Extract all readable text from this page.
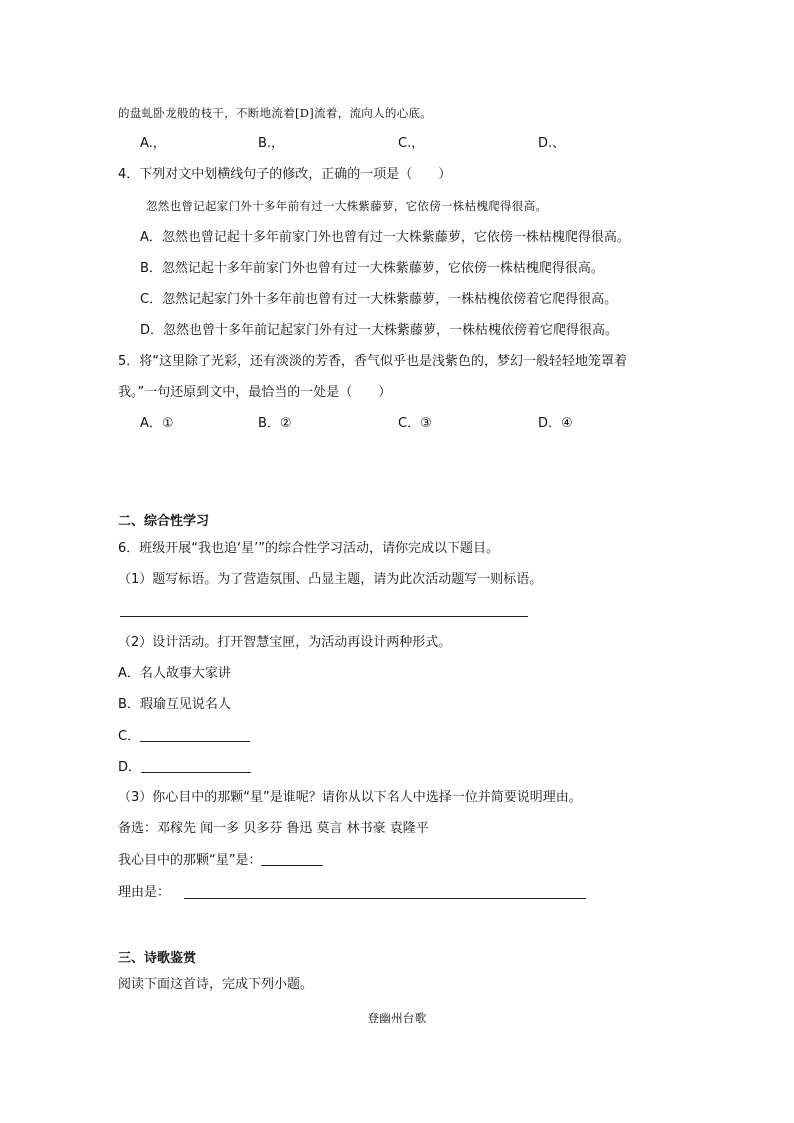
的盘虬卧龙般的枝干，不断地流着[D]流着，流向人的心底。
A.，	B.，	C.，	D.、
4．下列对文中划横线句子的修改，正确的一项是（　　）
忽然也曾记起家门外十多年前有过一大株紫藤萝，它依傍一株枯槐爬得很高。
A．忽然也曾记起十多年前家门外也曾有过一大株紫藤萝，它依傍一株枯槐爬得很高。
B．忽然记起十多年前家门外也曾有过一大株紫藤萝，它依傍一株枯槐爬得很高。
C．忽然记起家门外十多年前也曾有过一大株紫藤萝，一株枯槐依傍着它爬得很高。
D．忽然也曾十多年前记起家门外有过一大株紫藤萝，一株枯槐依傍着它爬得很高。
5．将“这里除了光彩，还有淡淡的芳香，香气似乎也是浅紫色的，梦幻一般轻轻地笼罩着
我。”一句还原到文中，最恰当的一处是（　　）
A．①	B．②	C．③	D．④
二、综合性学习
6．班级开展“我也追‘星’”的综合性学习活动，请你完成以下题目。
（1）题写标语。为了营造氛围、凸显主题，请为此次活动题写一则标语。
（2）设计活动。打开智慧宝匣，为活动再设计两种形式。
A．名人故事大家讲
B．瑕瑜互见说名人
C．
D．
（3）你心目中的那颗“星”是谁呢？请你从以下名人中选择一位并简要说明理由。
备选：邓稼先 闻一多 贝多芬 鲁迅 莫言 林书豪 袁隆平
我心目中的那颗“星”是：
理由是：
三、诗歌鉴赏
阅读下面这首诗，完成下列小题。
登幽州台歌
